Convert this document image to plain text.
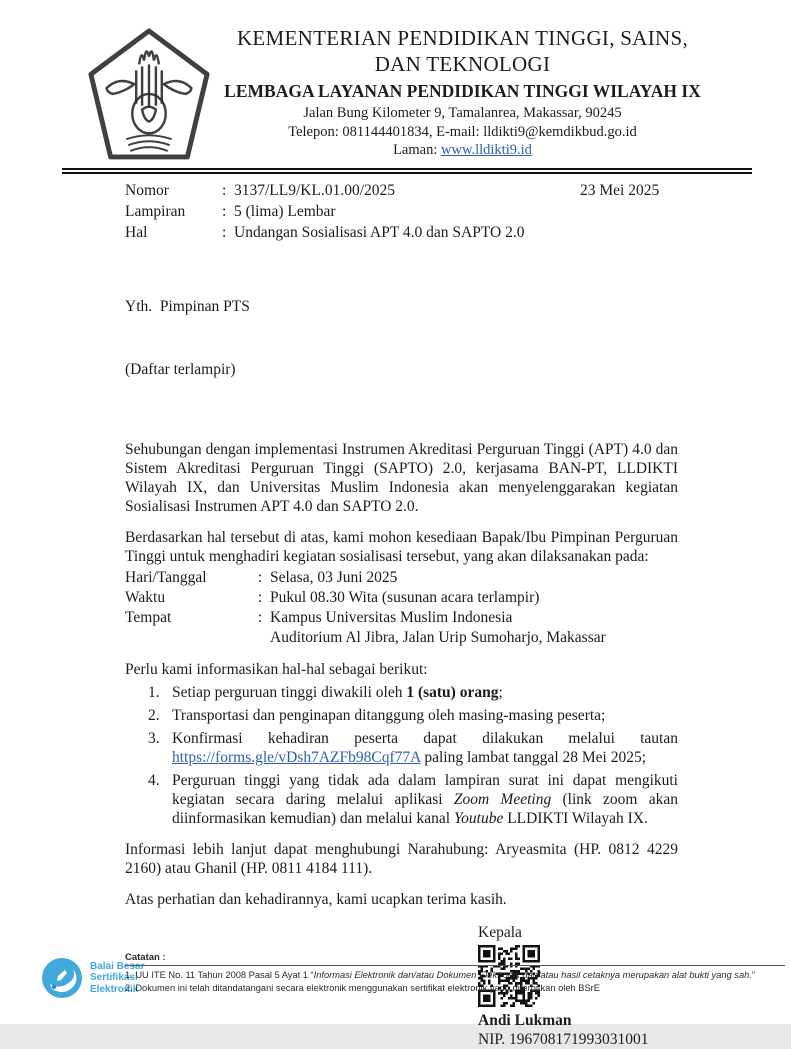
KEMENTERIAN PENDIDIKAN TINGGI, SAINS,
DAN TEKNOLOGI
LEMBAGA LAYANAN PENDIDIKAN TINGGI WILAYAH IX
Jalan Bung Kilometer 9, Tamalanrea, Makassar, 90245
Telepon: 081144401834, E-mail: lldikti9@kemdikbud.go.id
Laman: www.lldikti9.id
Nomor	: 3137/LL9/KL.01.00/2025
Lampiran	: 5 (lima) Lembar
Hal	: Undangan Sosialisasi APT 4.0 dan SAPTO 2.0
23 Mei 2025

Yth.  Pimpinan PTS

(Daftar terlampir)

Sehubungan dengan implementasi Instrumen Akreditasi Perguruan Tinggi (APT) 4.0 dan Sistem Akreditasi Perguruan Tinggi (SAPTO) 2.0, kerjasama BAN-PT, LLDIKTI Wilayah IX, dan Universitas Muslim Indonesia akan menyelenggarakan kegiatan Sosialisasi Instrumen APT 4.0 dan SAPTO 2.0.

Berdasarkan hal tersebut di atas, kami mohon kesediaan Bapak/Ibu Pimpinan Perguruan Tinggi untuk menghadiri kegiatan sosialisasi tersebut, yang akan dilaksanakan pada:

Hari/Tanggal	: Selasa, 03 Juni 2025
Waktu	: Pukul 08.30 Wita (susunan acara terlampir)
Tempat	: Kampus Universitas Muslim Indonesia
Auditorium Al Jibra, Jalan Urip Sumoharjo, Makassar

Perlu kami informasikan hal-hal sebagai berikut:

1. Setiap perguruan tinggi diwakili oleh 1 (satu) orang;
2. Transportasi dan penginapan ditanggung oleh masing-masing peserta;
3. Konfirmasi kehadiran peserta dapat dilakukan melalui tautan https://forms.gle/vDsh7AZFb98Cqf77A paling lambat tanggal 28 Mei 2025;
4. Perguruan tinggi yang tidak ada dalam lampiran surat ini dapat mengikuti kegiatan secara daring melalui aplikasi Zoom Meeting (link zoom akan diinformasikan kemudian) dan melalui kanal Youtube LLDIKTI Wilayah IX.

Informasi lebih lanjut dapat menghubungi Narahubung: Aryeasmita (HP. 0812 4229 2160) atau Ghanil (HP. 0811 4184 111).

Atas perhatian dan kehadirannya, kami ucapkan terima kasih.

Kepala
Andi Lukman
NIP. 196708171993031001
Balai Besar
Sertifikasi
Elektronik
Catatan :
1. UU ITE No. 11 Tahun 2008 Pasal 5 Ayat 1 “Informasi Elektronik dan/atau Dokumen Elektronik dan/atau hasil cetaknya merupakan alat bukti yang sah.”
2. Dokumen ini telah ditandatangani secara elektronik menggunakan sertifikat elektronik yang diterbitkan oleh BSrE
